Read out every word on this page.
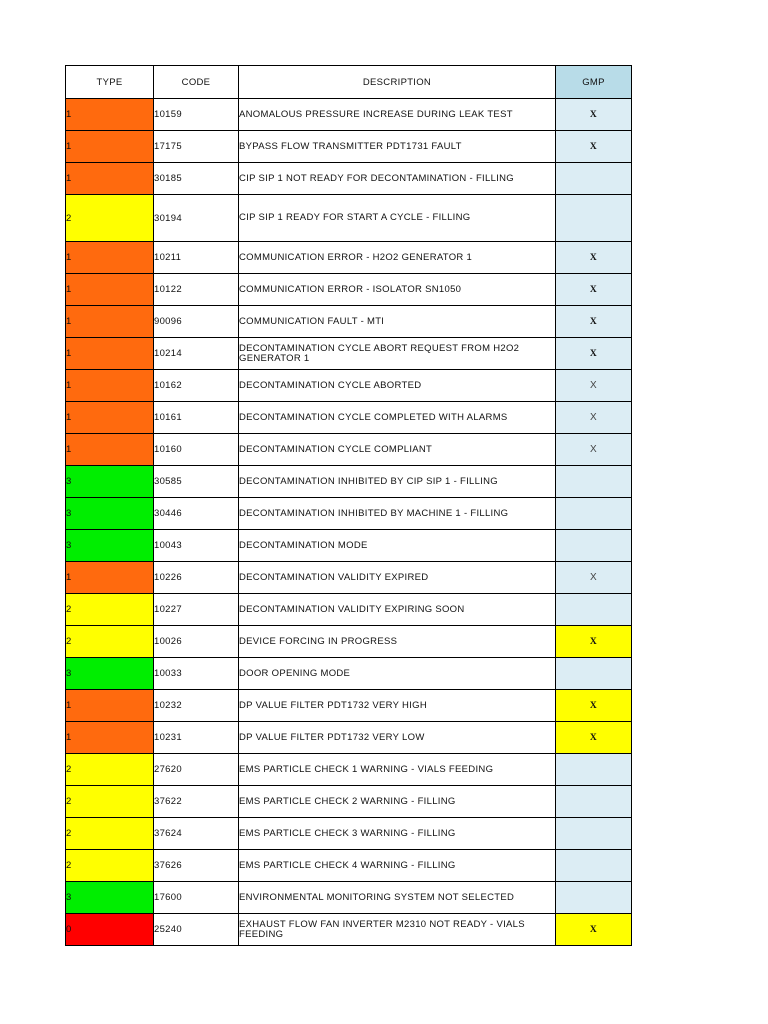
TYPE	CODE	DESCRIPTION	GMP
1	10159	ANOMALOUS PRESSURE INCREASE DURING LEAK TEST	X
1	17175	BYPASS FLOW TRANSMITTER PDT1731 FAULT	X
1	30185	CIP SIP 1 NOT READY FOR DECONTAMINATION - FILLING	
2	30194	CIP SIP 1 READY FOR START A CYCLE - FILLING	
1	10211	COMMUNICATION ERROR - H2O2 GENERATOR 1	X
1	10122	COMMUNICATION ERROR - ISOLATOR SN1050	X
1	90096	COMMUNICATION FAULT - MTI	X
1	10214	DECONTAMINATION CYCLE ABORT REQUEST FROM H2O2 GENERATOR 1	X
1	10162	DECONTAMINATION CYCLE ABORTED	X
1	10161	DECONTAMINATION CYCLE COMPLETED WITH ALARMS	X
1	10160	DECONTAMINATION CYCLE COMPLIANT	X
3	30585	DECONTAMINATION INHIBITED BY CIP SIP 1 - FILLING	
3	30446	DECONTAMINATION INHIBITED BY MACHINE 1 - FILLING	
3	10043	DECONTAMINATION MODE	
1	10226	DECONTAMINATION VALIDITY EXPIRED	X
2	10227	DECONTAMINATION VALIDITY EXPIRING SOON	
2	10026	DEVICE FORCING IN PROGRESS	X
3	10033	DOOR OPENING MODE	
1	10232	DP VALUE FILTER PDT1732 VERY HIGH	X
1	10231	DP VALUE FILTER PDT1732 VERY LOW	X
2	27620	EMS PARTICLE CHECK 1 WARNING - VIALS FEEDING	
2	37622	EMS PARTICLE CHECK 2 WARNING - FILLING	
2	37624	EMS PARTICLE CHECK 3 WARNING - FILLING	
2	37626	EMS PARTICLE CHECK 4 WARNING - FILLING	
3	17600	ENVIRONMENTAL MONITORING SYSTEM NOT SELECTED	
0	25240	EXHAUST FLOW FAN INVERTER M2310 NOT READY - VIALS FEEDING	X
